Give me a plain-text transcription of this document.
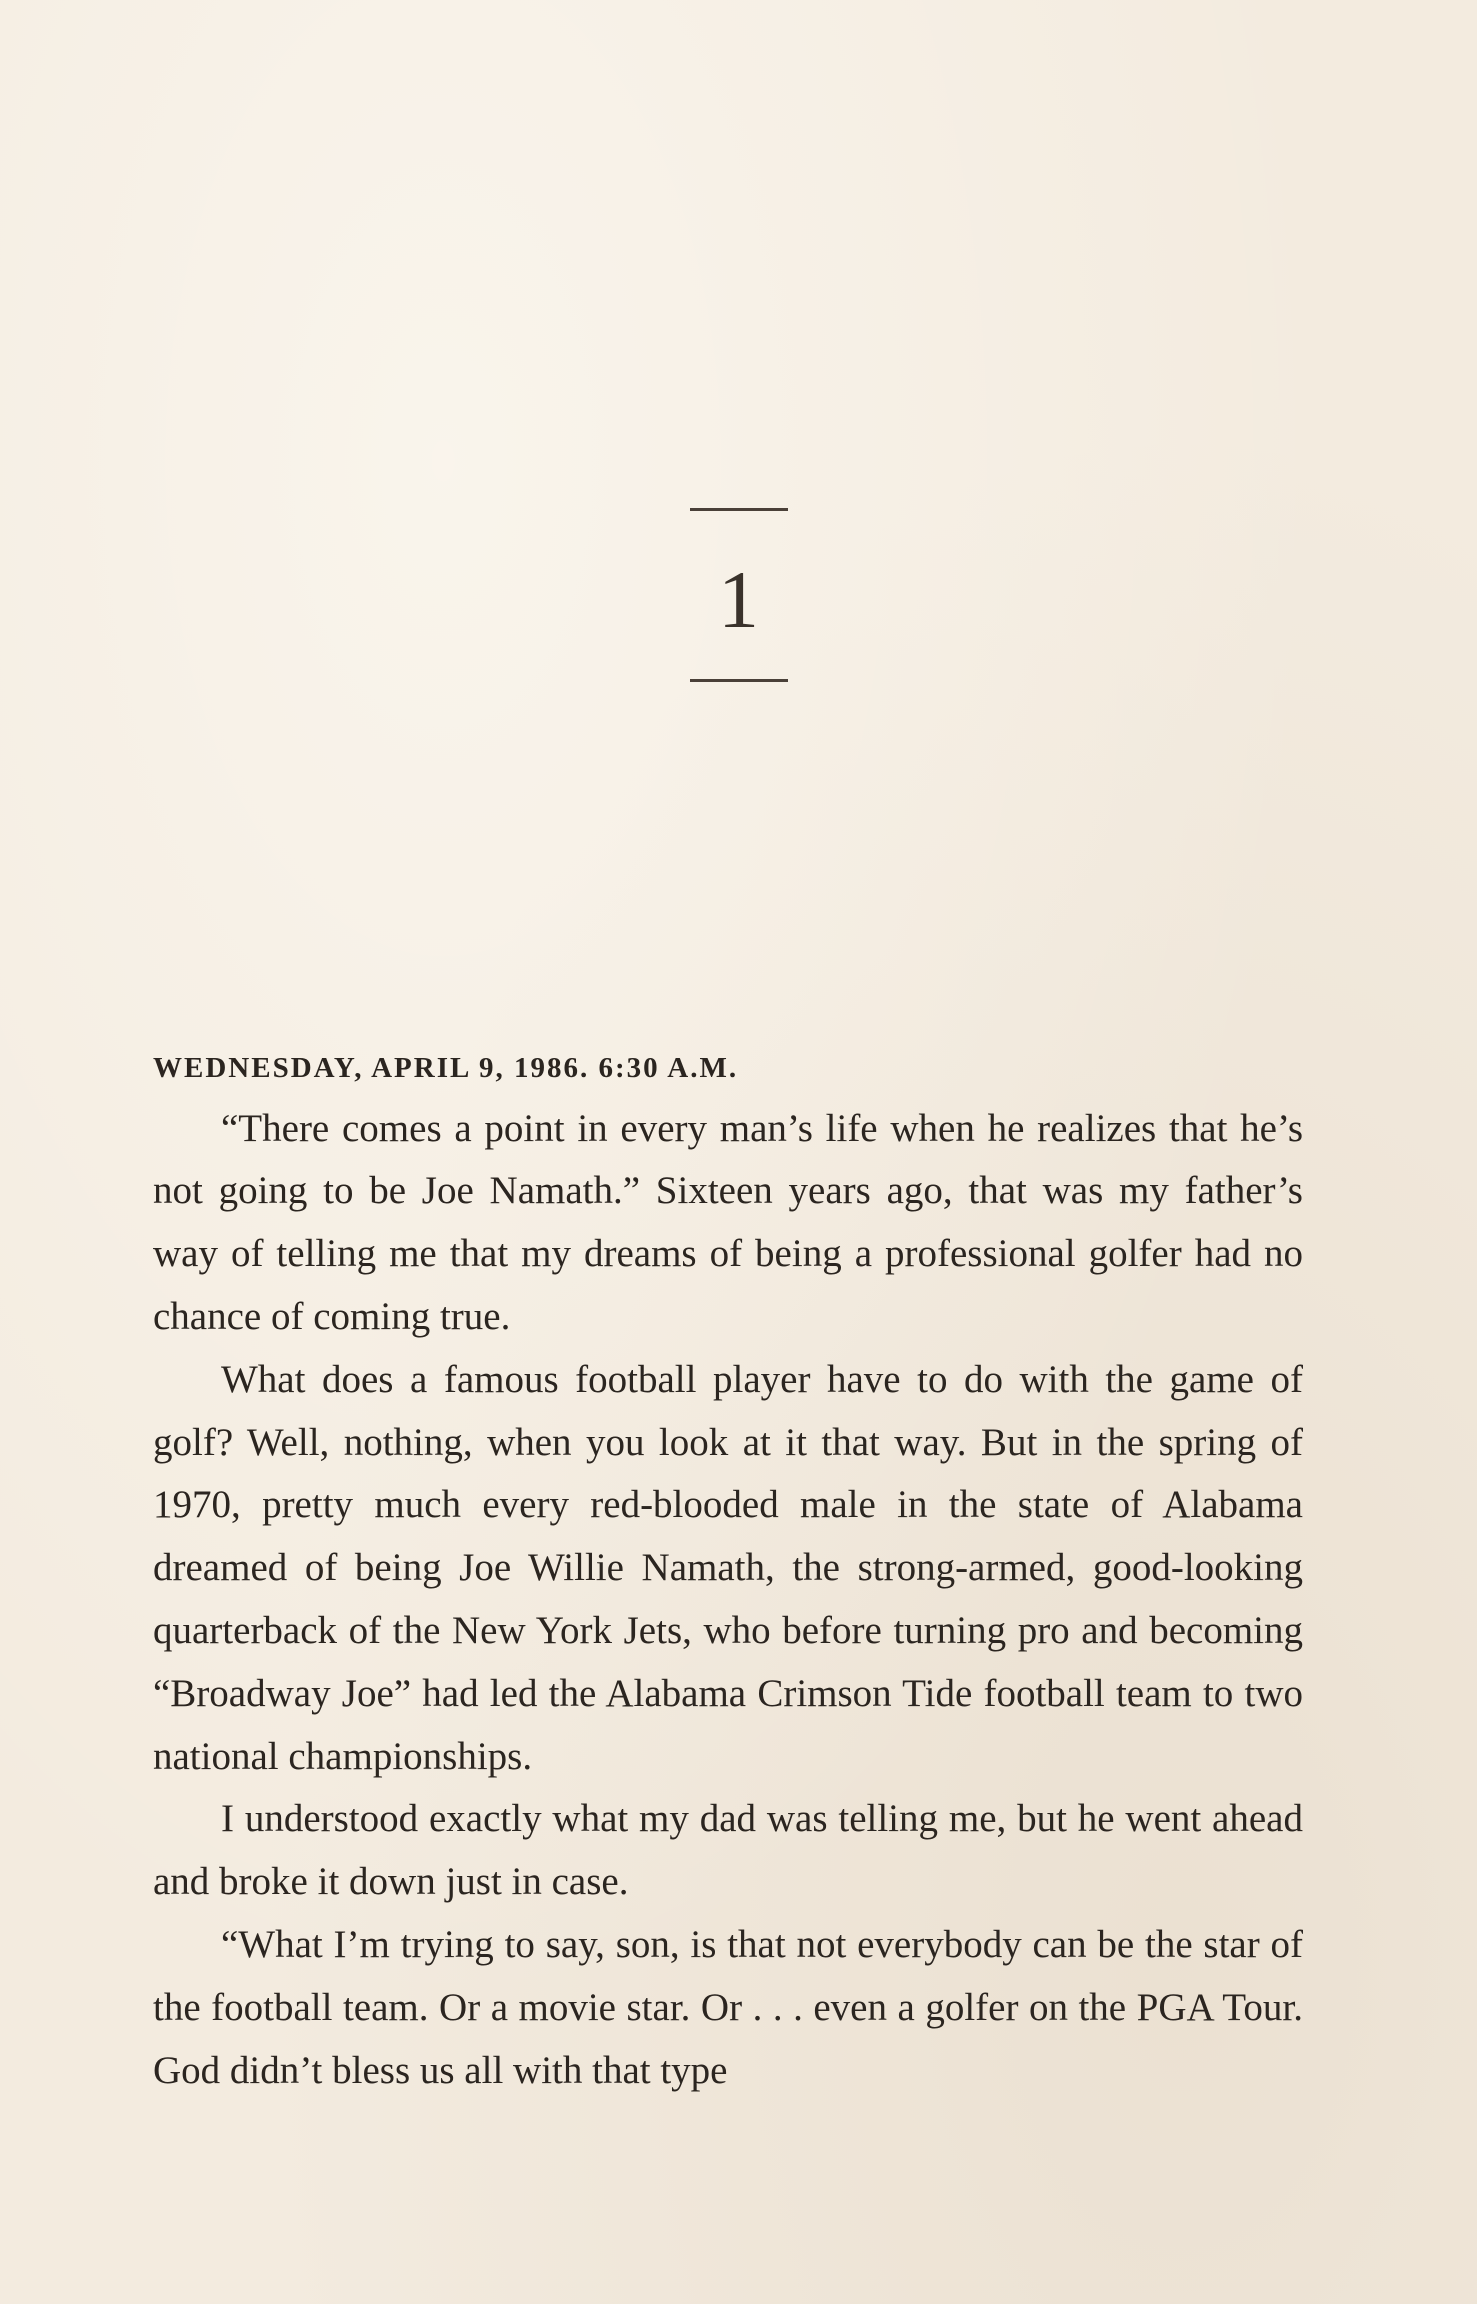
1
WEDNESDAY, APRIL 9, 1986. 6:30 A.M.

“There comes a point in every man’s life when he realizes that he’s not going to be Joe Namath.” Sixteen years ago, that was my father’s way of telling me that my dreams of being a professional golfer had no chance of coming true.

What does a famous football player have to do with the game of golf? Well, nothing, when you look at it that way. But in the spring of 1970, pretty much every red-blooded male in the state of Alabama dreamed of being Joe Willie Namath, the strong-armed, good-looking quarterback of the New York Jets, who before turning pro and becoming “Broadway Joe” had led the Alabama Crimson Tide football team to two national championships.

I understood exactly what my dad was telling me, but he went ahead and broke it down just in case.

“What I’m trying to say, son, is that not everybody can be the star of the football team. Or a movie star. Or . . . even a golfer on the PGA Tour. God didn’t bless us all with that type
